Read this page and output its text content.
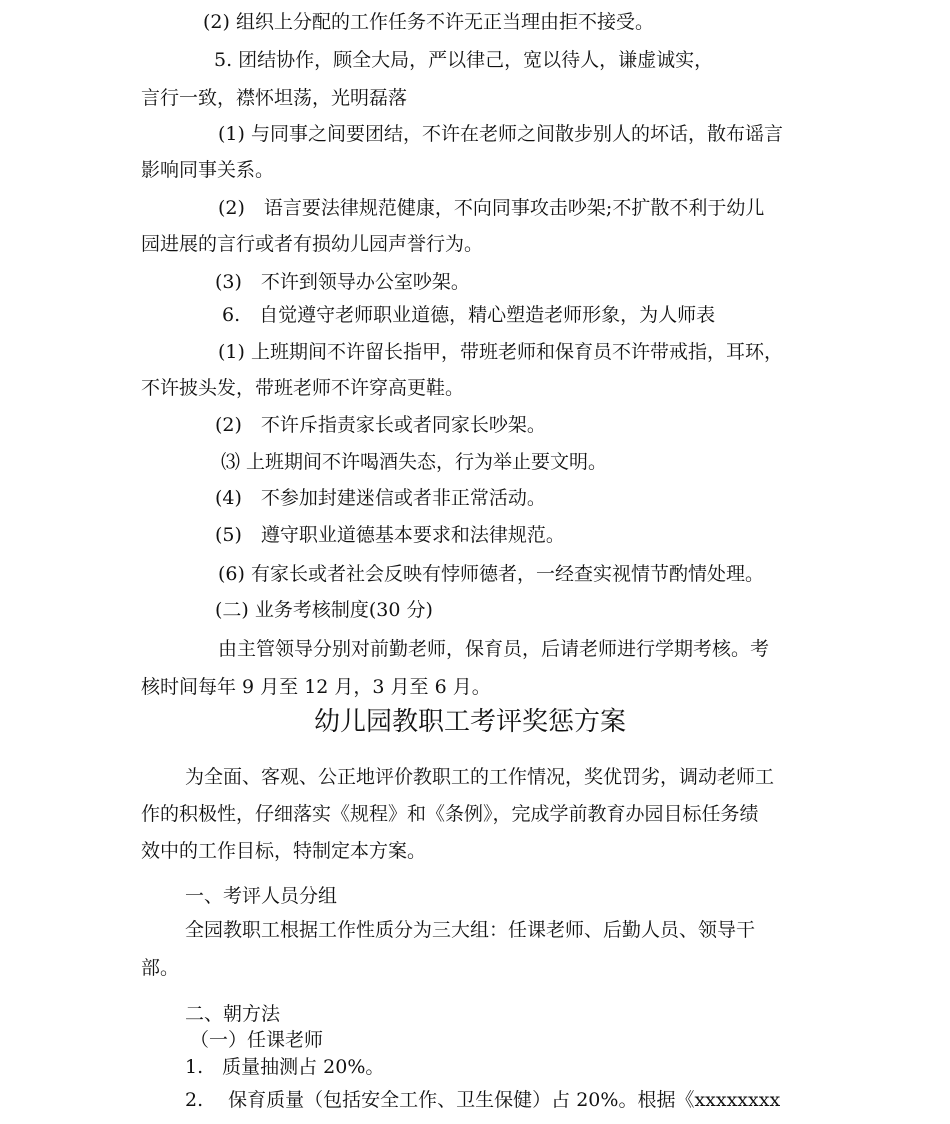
(2) 组织上分配的工作任务不许无正当理由拒不接受。
5. 团结协作，顾全大局，严以律己，宽以待人，谦虚诚实，
言行一致，襟怀坦荡，光明磊落
(1) 与同事之间要团结，不许在老师之间散步别人的坏话，散布谣言
影响同事关系。
(2)　语言要法律规范健康，不向同事攻击吵架;不扩散不利于幼儿
园进展的言行或者有损幼儿园声誉行为。
(3)　不许到领导办公室吵架。
6.　自觉遵守老师职业道德，精心塑造老师形象，为人师表
(1) 上班期间不许留长指甲，带班老师和保育员不许带戒指，耳环，
不许披头发，带班老师不许穿高更鞋。
(2)　不许斥指责家长或者同家长吵架。
⑶ 上班期间不许喝酒失态，行为举止要文明。
(4)　不参加封建迷信或者非正常活动。
(5)　遵守职业道德基本要求和法律规范。
(6) 有家长或者社会反映有悖师德者，一经查实视情节酌情处理。
(二) 业务考核制度(30 分)
由主管领导分别对前勤老师，保育员，后请老师进行学期考核。考
核时间每年 9 月至 12 月，3 月至 6 月。
幼儿园教职工考评奖惩方案
为全面、客观、公正地评价教职工的工作情况，奖优罚劣，调动老师工
作的积极性，仔细落实《规程》和《条例》，完成学前教育办园目标任务绩
效中的工作目标，特制定本方案。
一、考评人员分组
全园教职工根据工作性质分为三大组：任课老师、后勤人员、领导干
部。
二、朝方法
（一）任课老师
1.　质量抽测占 20%。
2.　 保育质量（包括安全工作、卫生保健）占 20%。根据《xxxxxxxx
